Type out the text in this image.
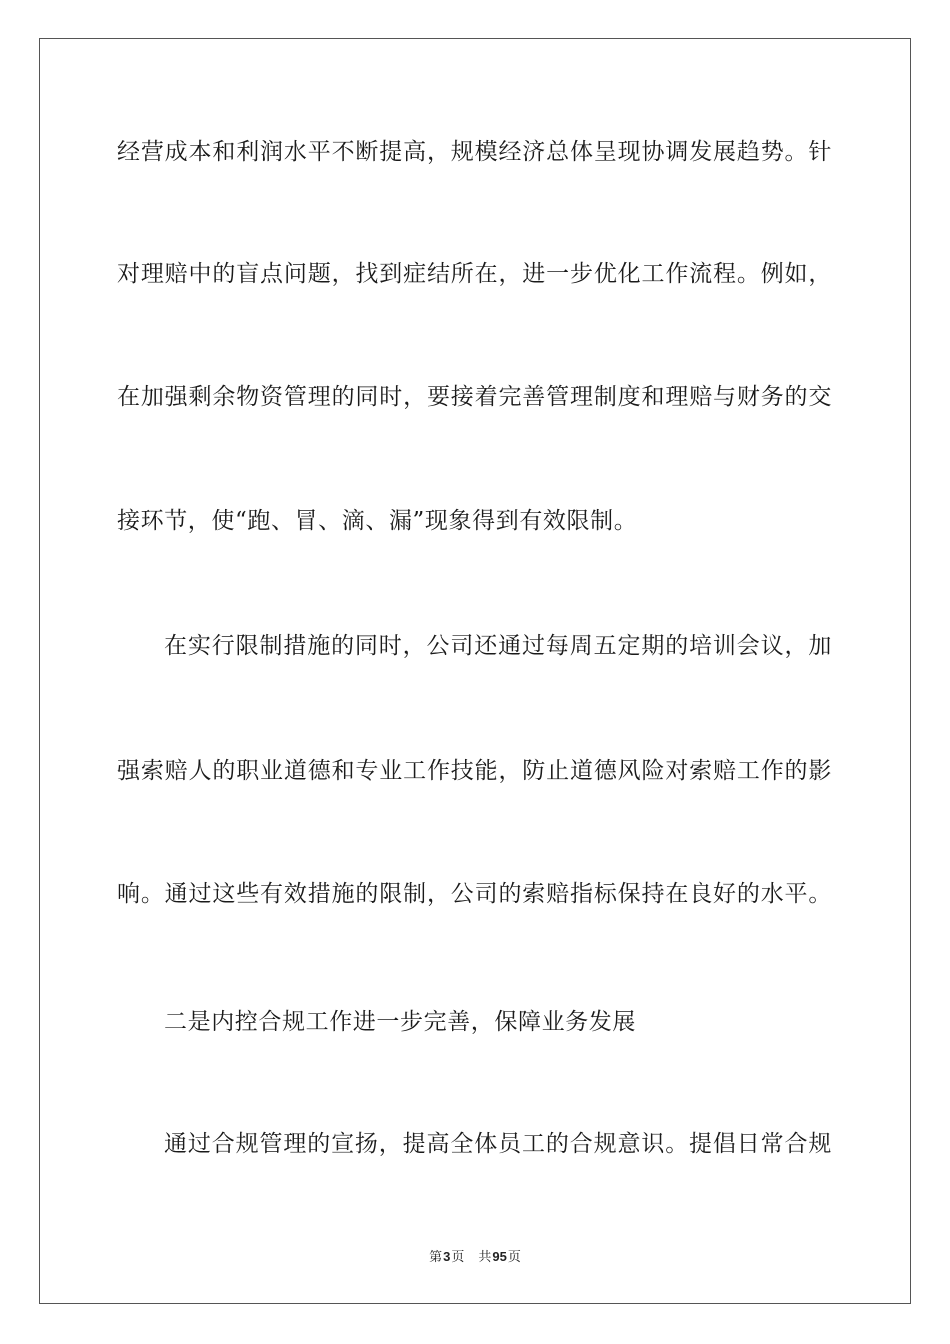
经营成本和利润水平不断提高，规模经济总体呈现协调发展趋势。针
对理赔中的盲点问题，找到症结所在，进一步优化工作流程。例如，
在加强剩余物资管理的同时，要接着完善管理制度和理赔与财务的交
接环节，使“跑、冒、滴、漏”现象得到有效限制。
在实行限制措施的同时，公司还通过每周五定期的培训会议，加
强索赔人的职业道德和专业工作技能，防止道德风险对索赔工作的影
响。通过这些有效措施的限制，公司的索赔指标保持在良好的水平。
二是内控合规工作进一步完善，保障业务发展
通过合规管理的宣扬，提高全体员工的合规意识。提倡日常合规
第3页 共95页
